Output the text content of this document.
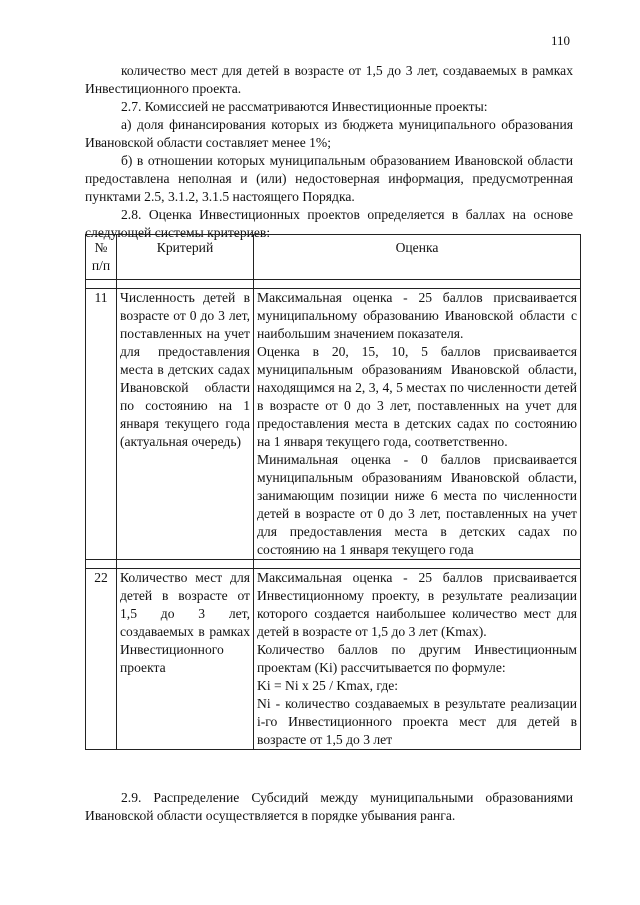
110

количество мест для детей в возрасте от 1,5 до 3 лет, создаваемых в рамках Инвестиционного проекта.

2.7. Комиссией не рассматриваются Инвестиционные проекты:

а) доля финансирования которых из бюджета муниципального образования Ивановской области составляет менее 1%;

б) в отношении которых муниципальным образованием Ивановской области предоставлена неполная и (или) недостоверная информация, предусмотренная пунктами 2.5, 3.1.2, 3.1.5 настоящего Порядка.

2.8. Оценка Инвестиционных проектов определяется в баллах на основе следующей системы критериев:

№ п/п	Критерий	Оценка

11	Численность детей в возрасте от 0 до 3 лет, поставленных на учет для предоставления места в детских садах Ивановской области по состоянию на 1 января текущего года (актуальная очередь)	Максимальная оценка - 25 баллов присваивается муниципальному образованию Ивановской области с наибольшим значением показателя.

Оценка в 20, 15, 10, 5 баллов присваивается муниципальным образованиям Ивановской области, находящимся на 2, 3, 4, 5 местах по численности детей в возрасте от 0 до 3 лет, поставленных на учет для предоставления места в детских садах по состоянию на 1 января текущего года, соответственно.

Минимальная оценка - 0 баллов присваивается муниципальным образованиям Ивановской области, занимающим позиции ниже 6 места по численности детей в возрасте от 0 до 3 лет, поставленных на учет для предоставления места в детских садах по состоянию на 1 января текущего года

22	Количество мест для детей в возрасте от 1,5 до 3 лет, создаваемых в рамках Инвестиционного проекта	Максимальная оценка - 25 баллов присваивается Инвестиционному проекту, в результате реализации которого создается наибольшее количество мест для детей в возрасте от 1,5 до 3 лет (Kmax).

Количество баллов по другим Инвестиционным проектам (Ki) рассчитывается по формуле:

Ki = Ni x 25 / Kmax, где:

Ni - количество создаваемых в результате реализации i-го Инвестиционного проекта мест для детей в возрасте от 1,5 до 3 лет

2.9. Распределение Субсидий между муниципальными образованиями Ивановской области осуществляется в порядке убывания ранга.
